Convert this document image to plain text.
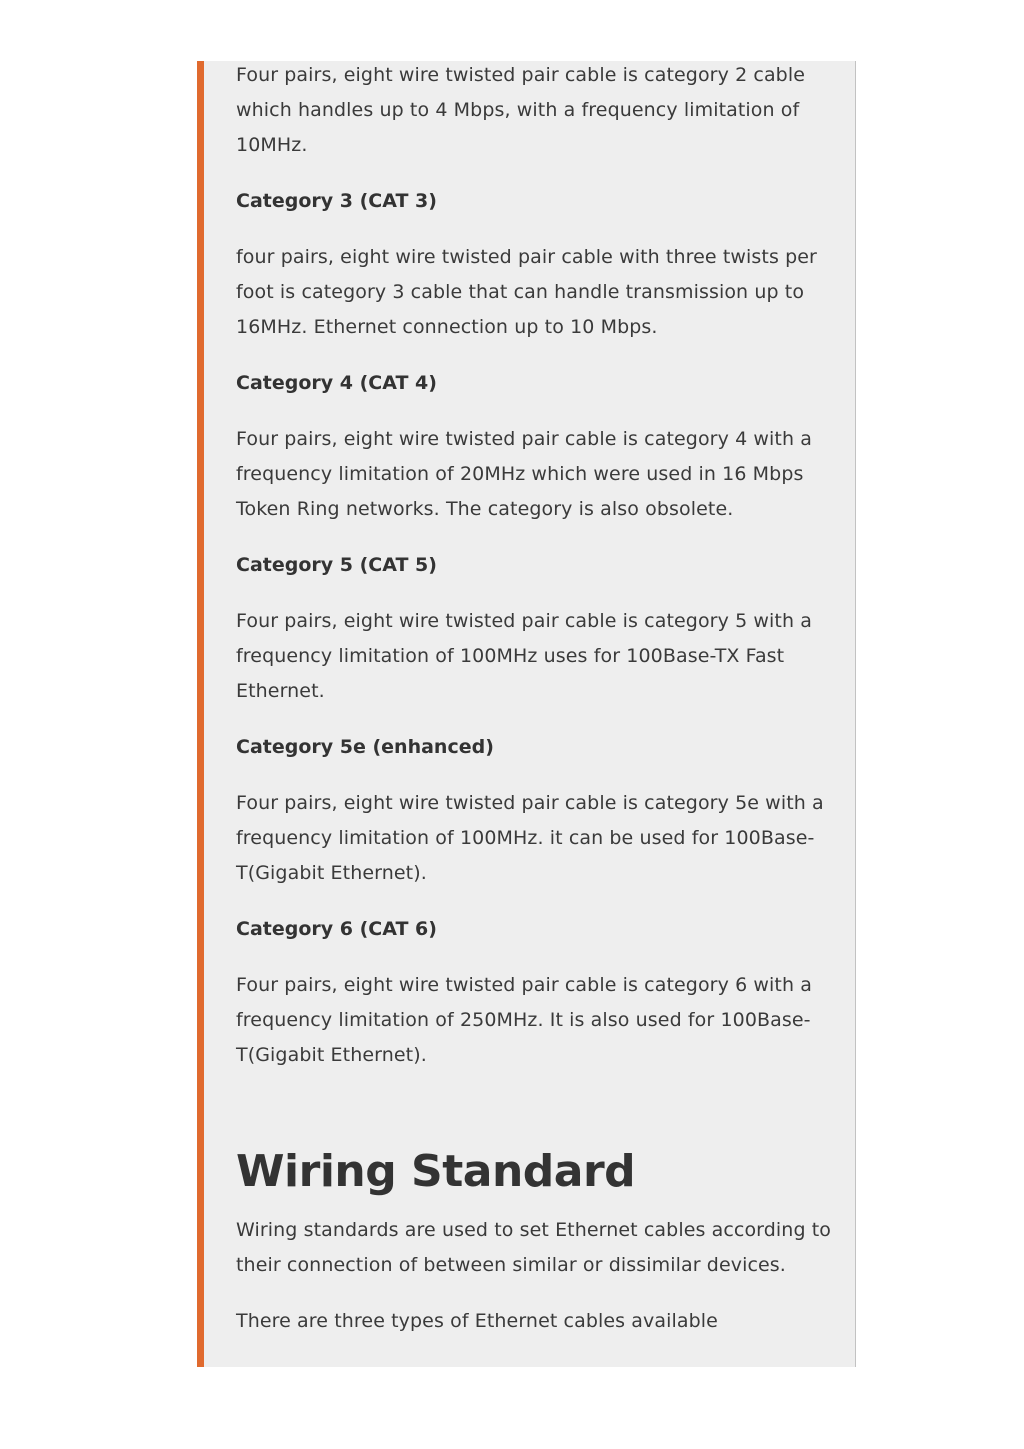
Four pairs, eight wire twisted pair cable is category 2 cable which handles up to 4 Mbps, with a frequency limitation of 10MHz.

Category 3 (CAT 3)

four pairs, eight wire twisted pair cable with three twists per foot is category 3 cable that can handle transmission up to 16MHz. Ethernet connection up to 10 Mbps.

Category 4 (CAT 4)

Four pairs, eight wire twisted pair cable is category 4 with a frequency limitation of 20MHz which were used in 16 Mbps Token Ring networks. The category is also obsolete.

Category 5 (CAT 5)

Four pairs, eight wire twisted pair cable is category 5 with a frequency limitation of 100MHz uses for 100Base-TX Fast Ethernet.

Category 5e (enhanced)

Four pairs, eight wire twisted pair cable is category 5e with a frequency limitation of 100MHz. it can be used for 100Base-T(Gigabit Ethernet).

Category 6 (CAT 6)

Four pairs, eight wire twisted pair cable is category 6 with a frequency limitation of 250MHz. It is also used for 100Base-T(Gigabit Ethernet).

Wiring Standard

Wiring standards are used to set Ethernet cables according to their connection of between similar or dissimilar devices.

There are three types of Ethernet cables available
